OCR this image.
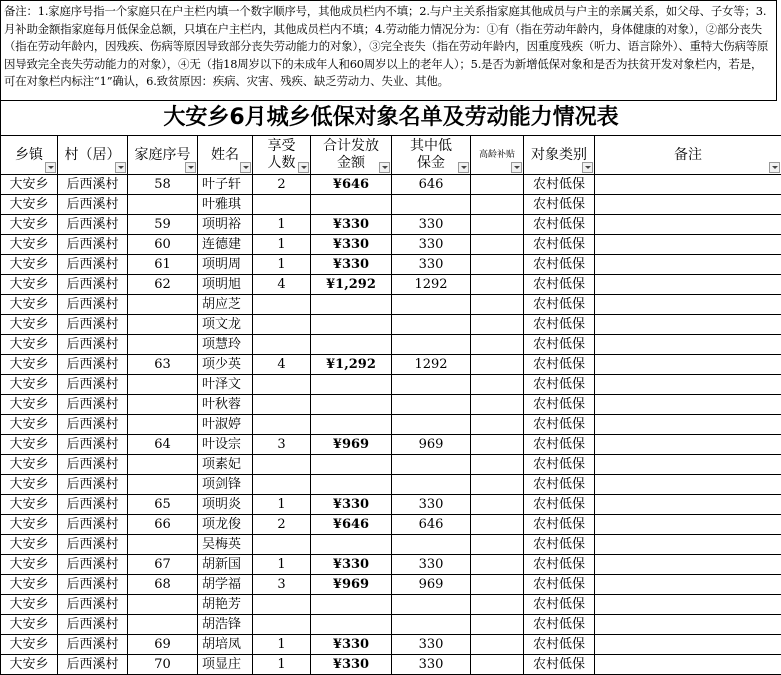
备注：1.家庭序号指一个家庭只在户主栏内填一个数字顺序号，其他成员栏内不填；2.与户主关系指家庭其他成员与户主的亲属关系，如父母、子女等；3.月补助金额指家庭每月低保金总额，只填在户主栏内，其他成员栏内不填；4.劳动能力情况分为：①有（指在劳动年龄内，身体健康的对象），②部分丧失（指在劳动年龄内，因残疾、伤病等原因导致部分丧失劳动能力的对象），③完全丧失（指在劳动年龄内，因重度残疾（听力、语言除外）、重特大伤病等原因导致完全丧失劳动能力的对象），④无（指18周岁以下的未成年人和60周岁以上的老年人）；5.是否为新增低保对象和是否为扶贫开发对象栏内，若是，可在对象栏内标注“1”确认，6.致贫原因：疾病、灾害、残疾、缺乏劳动力、失业、其他。
大安乡6月城乡低保对象名单及劳动能力情况表
乡镇	村（居）	家庭序号	姓名	享受人数	合计发放金额	其中低保金	高龄补贴	对象类别	备注

大安乡	后西溪村	58	叶子轩	2	¥646	646		农村低保	
大安乡	后西溪村		叶雅琪					农村低保	
大安乡	后西溪村	59	项明裕	1	¥330	330		农村低保	
大安乡	后西溪村	60	连德建	1	¥330	330		农村低保	
大安乡	后西溪村	61	项明周	1	¥330	330		农村低保	
大安乡	后西溪村	62	项明旭	4	¥1,292	1292		农村低保	
大安乡	后西溪村		胡应芝					农村低保	
大安乡	后西溪村		项文龙					农村低保	
大安乡	后西溪村		项慧玲					农村低保	
大安乡	后西溪村	63	项少英	4	¥1,292	1292		农村低保	
大安乡	后西溪村		叶泽文					农村低保	
大安乡	后西溪村		叶秋蓉					农村低保	
大安乡	后西溪村		叶淑婷					农村低保	
大安乡	后西溪村	64	叶设宗	3	¥969	969		农村低保	
大安乡	后西溪村		项素妃					农村低保	
大安乡	后西溪村		项剑锋					农村低保	
大安乡	后西溪村	65	项明炎	1	¥330	330		农村低保	
大安乡	后西溪村	66	项龙俊	2	¥646	646		农村低保	
大安乡	后西溪村		吴梅英					农村低保	
大安乡	后西溪村	67	胡新国	1	¥330	330		农村低保	
大安乡	后西溪村	68	胡学福	3	¥969	969		农村低保	
大安乡	后西溪村		胡艳芳					农村低保	
大安乡	后西溪村		胡浩锋					农村低保	
大安乡	后西溪村	69	胡培凤	1	¥330	330		农村低保	
大安乡	后西溪村	70	项显庄	1	¥330	330		农村低保	
